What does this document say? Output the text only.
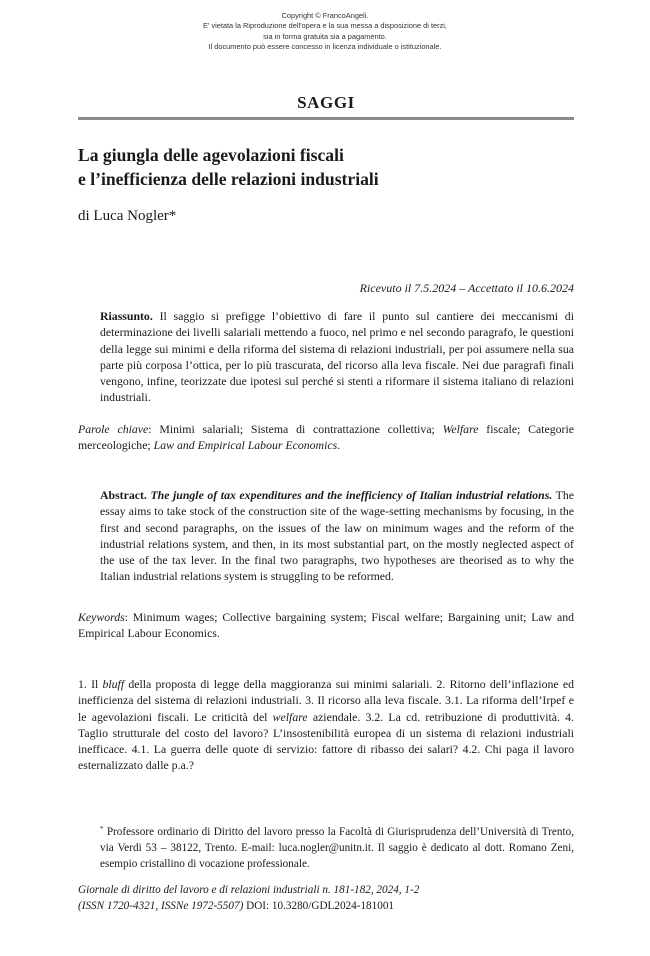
Copyright © FrancoAngeli.
E' vietata la Riproduzione dell'opera e la sua messa a disposizione di terzi,
sia in forma gratuita sia a pagamento.
Il documento può essere concesso in licenza individuale o istituzionale.
SAGGI
La giungla delle agevolazioni fiscali
e l’inefficienza delle relazioni industriali
di Luca Nogler*
Ricevuto il 7.5.2024 – Accettato il 10.6.2024
Riassunto. Il saggio si prefigge l’obiettivo di fare il punto sul cantiere dei meccanismi di determinazione dei livelli salariali mettendo a fuoco, nel primo e nel secondo paragrafo, le questioni della legge sui minimi e della riforma del sistema di relazioni industriali, per poi assumere nella sua parte più corposa l’ottica, per lo più trascurata, del ricorso alla leva fiscale. Nei due paragrafi finali vengono, infine, teorizzate due ipotesi sul perché si stenti a riformare il sistema italiano di relazioni industriali.
Parole chiave: Minimi salariali; Sistema di contrattazione collettiva; Welfare fiscale; Categorie merceologiche; Law and Empirical Labour Economics.
Abstract. The jungle of tax expenditures and the inefficiency of Italian industrial relations. The essay aims to take stock of the construction site of the wage-setting mechanisms by focusing, in the first and second paragraphs, on the issues of the law on minimum wages and the reform of the industrial relations system, and then, in its most substantial part, on the mostly neglected aspect of the use of the tax lever. In the final two paragraphs, two hypotheses are theorised as to why the Italian industrial relations system is struggling to be reformed.
Keywords: Minimum wages; Collective bargaining system; Fiscal welfare; Bargaining unit; Law and Empirical Labour Economics.
1. Il bluff della proposta di legge della maggioranza sui minimi salariali. 2. Ritorno dell’inflazione ed inefficienza del sistema di relazioni industriali. 3. Il ricorso alla leva fiscale. 3.1. La riforma dell’Irpef e le agevolazioni fiscali. Le criticità del welfare aziendale. 3.2. La cd. retribuzione di produttività. 4. Taglio strutturale del costo del lavoro? L’insostenibilità europea di un sistema di relazioni industriali inefficace. 4.1. La guerra delle quote di servizio: fattore di ribasso dei salari? 4.2. Chi paga il lavoro esternalizzato dalle p.a.?
* Professore ordinario di Diritto del lavoro presso la Facoltà di Giurisprudenza dell’Università di Trento, via Verdi 53 – 38122, Trento. E-mail: luca.nogler@unitn.it. Il saggio è dedicato al dott. Romano Zeni, esempio cristallino di vocazione professionale.
Giornale di diritto del lavoro e di relazioni industriali n. 181-182, 2024, 1-2
(ISSN 1720-4321, ISSNe 1972-5507) DOI: 10.3280/GDL2024-181001
